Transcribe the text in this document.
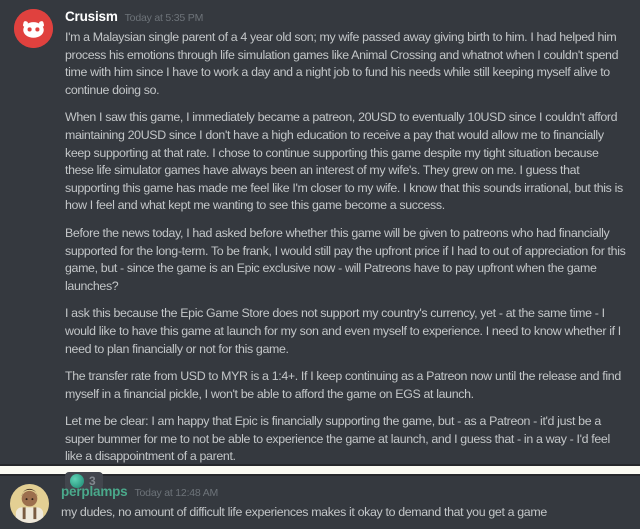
Crusism Today at 5:35 PM

I'm a Malaysian single parent of a 4 year old son; my wife passed away giving birth to him. I had helped him process his emotions through life simulation games like Animal Crossing and whatnot when I couldn't spend time with him since I have to work a day and a night job to fund his needs while still keeping myself alive to continue doing so.

When I saw this game, I immediately became a patreon, 20USD to eventually 10USD since I couldn't afford maintaining 20USD since I don't have a high education to receive a pay that would allow me to financially keep supporting at that rate. I chose to continue supporting this game despite my tight situation because these life simulator games have always been an interest of my wife's. They grew on me. I guess that supporting this game has made me feel like I'm closer to my wife. I know that this sounds irrational, but this is how I feel and what kept me wanting to see this game become a success.

Before the news today, I had asked before whether this game will be given to patreons who had financially supported for the long-term. To be frank, I would still pay the upfront price if I had to out of appreciation for this game, but - since the game is an Epic exclusive now - will Patreons have to pay upfront when the game launches?

I ask this because the Epic Game Store does not support my country's currency, yet - at the same time - I would like to have this game at launch for my son and even myself to experience. I need to know whether if I need to plan financially or not for this game.

The transfer rate from USD to MYR is a 1:4+. If I keep continuing as a Patreon now until the release and find myself in a financial pickle, I won't be able to afford the game on EGS at launch.

Let me be clear: I am happy that Epic is financially supporting the game, but - as a Patreon - it'd just be a super bummer for me to not be able to experience the game at launch, and I guess that - in a way - I'd feel like a disappointment of a parent.

3
perplamps Today at 12:48 AM

my dudes, no amount of difficult life experiences makes it okay to demand that you get a game
